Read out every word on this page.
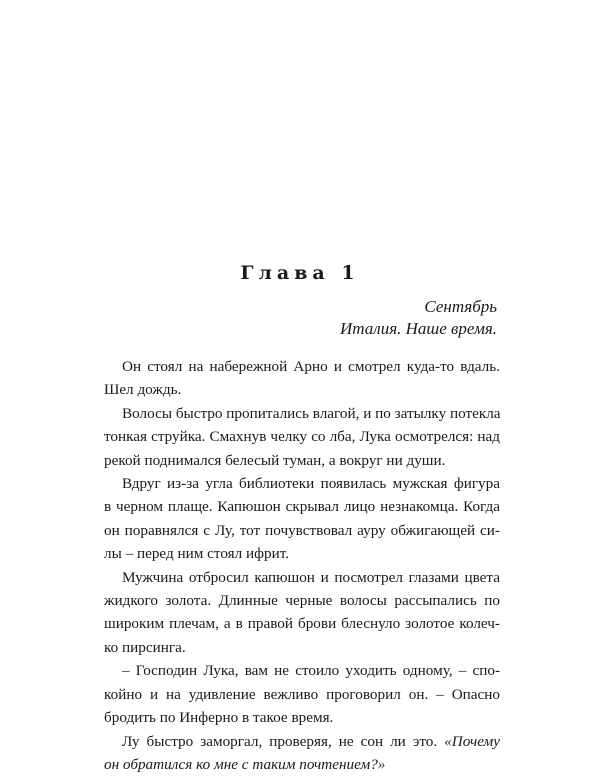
Глава 1
Сентябрь
Италия. Наше время.
Он стоял на набережной Арно и смотрел куда-то вдаль.
Шел дождь.
Волосы быстро пропитались влагой, и по затылку потекла
тонкая струйка. Смахнув челку со лба, Лука осмотрелся: над
рекой поднимался белесый туман, а вокруг ни души.
Вдруг из-за угла библиотеки появилась мужская фигура
в черном плаще. Капюшон скрывал лицо незнакомца. Когда
он поравнялся с Лу, тот почувствовал ауру обжигающей си-
лы – перед ним стоял ифрит.
Мужчина отбросил капюшон и посмотрел глазами цвета
жидкого золота. Длинные черные волосы рассыпались по
широким плечам, а в правой брови блеснуло золотое колеч-
ко пирсинга.
– Господин Лука, вам не стоило уходить одному, – спо-
койно и на удивление вежливо проговорил он. – Опасно
бродить по Инферно в такое время.
Лу быстро заморгал, проверяя, не сон ли это. «Почему
он обратился ко мне с таким почтением?»
